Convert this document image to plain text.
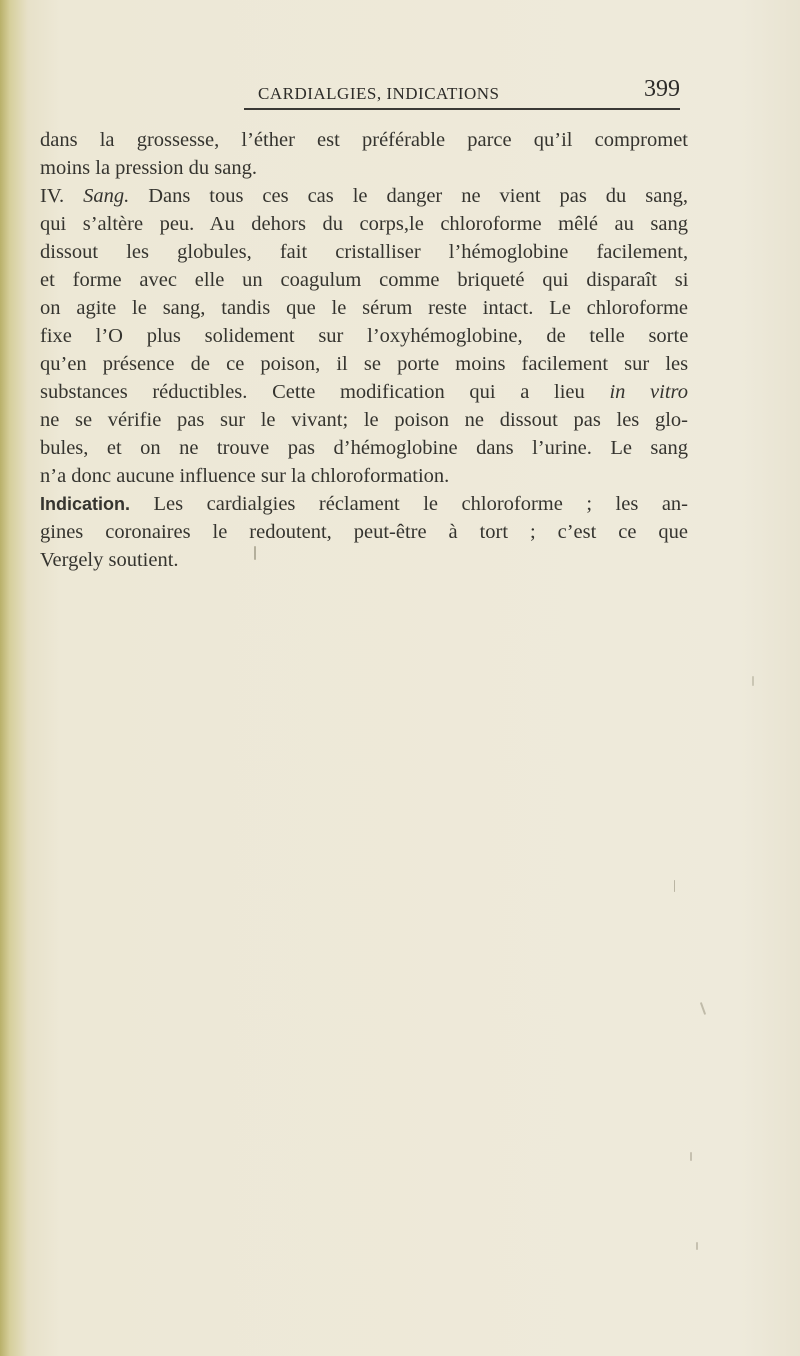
CARDIALGIES, INDICATIONS	399
dans la grossesse, l’éther est préférable parce qu’il compromet
moins la pression du sang.
IV. Sang. Dans tous ces cas le danger ne vient pas du sang,
qui s’altère peu. Au dehors du corps,le chloroforme mêlé au sang
dissout les globules, fait cristalliser l’hémoglobine facilement,
et forme avec elle un coagulum comme briqueté qui disparaît si
on agite le sang, tandis que le sérum reste intact. Le chloroforme
fixe l’O plus solidement sur l’oxyhémoglobine, de telle sorte
qu’en présence de ce poison, il se porte moins facilement sur les
substances réductibles. Cette modification qui a lieu in vitro
ne se vérifie pas sur le vivant; le poison ne dissout pas les glo-
bules, et on ne trouve pas d’hémoglobine dans l’urine. Le sang
n’a donc aucune influence sur la chloroformation.
Indication. Les cardialgies réclament le chloroforme ; les an-
gines coronaires le redoutent, peut-être à tort ; c’est ce que
Vergely soutient.
